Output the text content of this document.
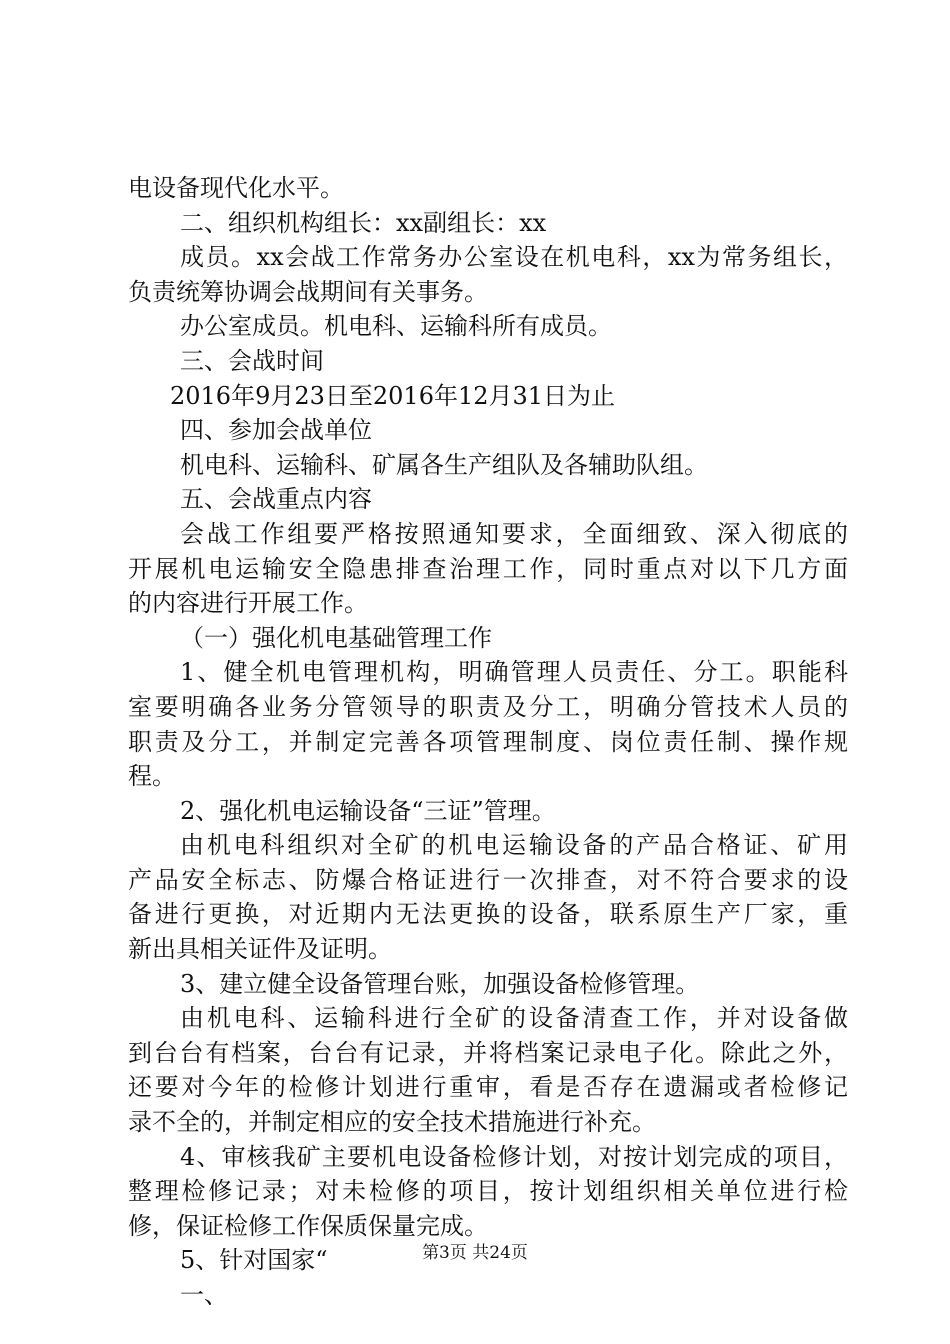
电设备现代化水平。
二、组织机构组长：xx副组长：xx
成员。xx会战工作常务办公室设在机电科，xx为常务组长，
负责统筹协调会战期间有关事务。
办公室成员。机电科、运输科所有成员。
三、会战时间
2016年9月23日至2016年12月31日为止
四、参加会战单位
机电科、运输科、矿属各生产组队及各辅助队组。
五、会战重点内容
会战工作组要严格按照通知要求，全面细致、深入彻底的
开展机电运输安全隐患排查治理工作，同时重点对以下几方面
的内容进行开展工作。
（一）强化机电基础管理工作
1、健全机电管理机构，明确管理人员责任、分工。职能科
室要明确各业务分管领导的职责及分工，明确分管技术人员的
职责及分工，并制定完善各项管理制度、岗位责任制、操作规
程。
2、强化机电运输设备“三证”管理。
由机电科组织对全矿的机电运输设备的产品合格证、矿用
产品安全标志、防爆合格证进行一次排查，对不符合要求的设
备进行更换，对近期内无法更换的设备，联系原生产厂家，重
新出具相关证件及证明。
3、建立健全设备管理台账，加强设备检修管理。
由机电科、运输科进行全矿的设备清查工作，并对设备做
到台台有档案，台台有记录，并将档案记录电子化。除此之外，
还要对今年的检修计划进行重审，看是否存在遗漏或者检修记
录不全的，并制定相应的安全技术措施进行补充。
4、审核我矿主要机电设备检修计划，对按计划完成的项目，
整理检修记录；对未检修的项目，按计划组织相关单位进行检
修，保证检修工作保质保量完成。
5、针对国家“
一、
第3页 共24页
